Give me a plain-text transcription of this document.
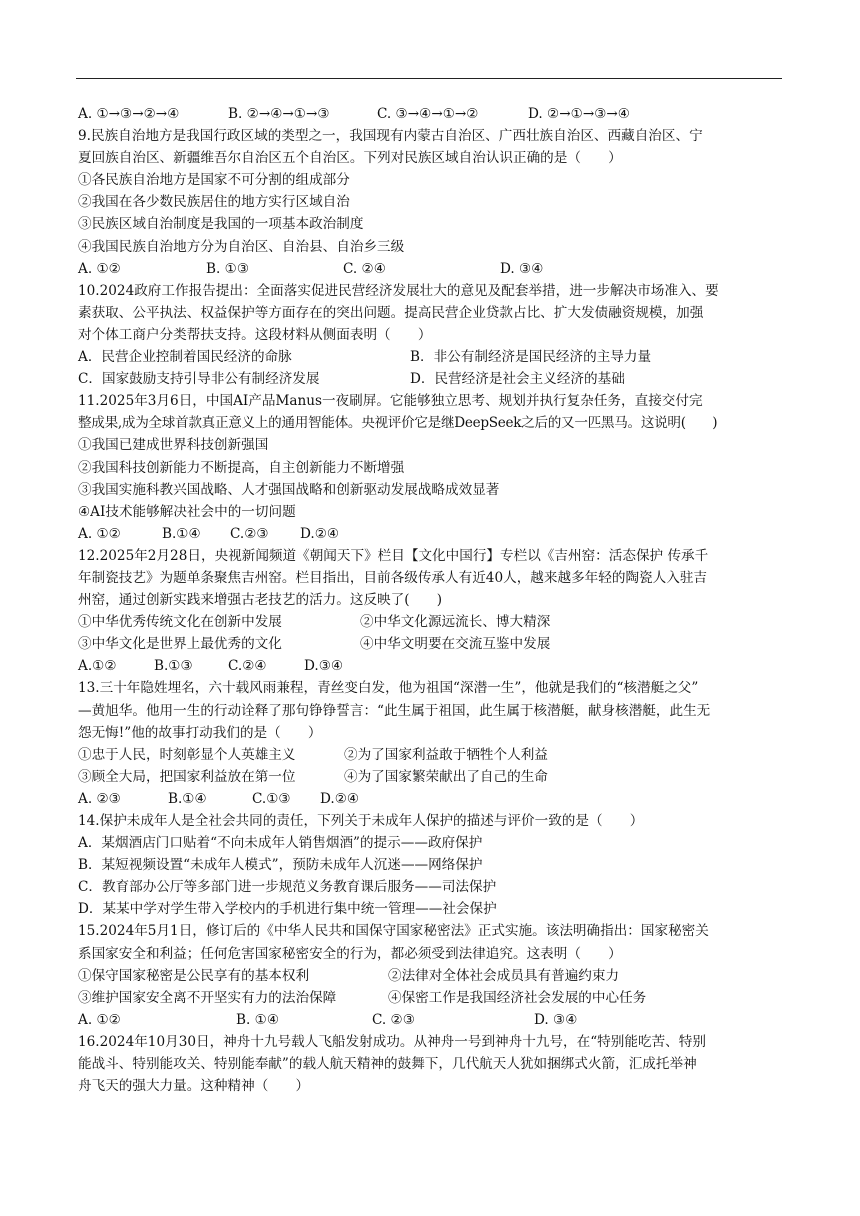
A. ①→③→②→④	B. ②→④→①→③	C. ③→④→①→②	D. ②→①→③→④
9.民族自治地方是我国行政区域的类型之一，我国现有内蒙古自治区、广西壮族自治区、西藏自治区、宁
夏回族自治区、新疆维吾尔自治区五个自治区。下列对民族区域自治认识正确的是（　　）
①各民族自治地方是国家不可分割的组成部分
②我国在各少数民族居住的地方实行区域自治
③民族区域自治制度是我国的一项基本政治制度
④我国民族自治地方分为自治区、自治县、自治乡三级
A. ①②	B. ①③	C. ②④	D. ③④
10.2024政府工作报告提出：全面落实促进民营经济发展壮大的意见及配套举措，进一步解决市场准入、要
素获取、公平执法、权益保护等方面存在的突出问题。提高民营企业贷款占比、扩大发债融资规模，加强
对个体工商户分类帮扶支持。这段材料从侧面表明（　　）
A．民营企业控制着国民经济的命脉	B．非公有制经济是国民经济的主导力量
C．国家鼓励支持引导非公有制经济发展	D．民营经济是社会主义经济的基础
11.2025年3月6日，中国AI产品Manus一夜刷屏。它能够独立思考、规划并执行复杂任务，直接交付完
整成果,成为全球首款真正意义上的通用智能体。央视评价它是继DeepSeek之后的又一匹黑马。这说明(　　)
①我国已建成世界科技创新强国
②我国科技创新能力不断提高，自主创新能力不断增强
③我国实施科教兴国战略、人才强国战略和创新驱动发展战略成效显著
④AI技术能够解决社会中的一切问题
A. ①②	B.①④ C.②③ D.②④
12.2025年2月28日，央视新闻频道《朝闻天下》栏目【文化中国行】专栏以《吉州窑：活态保护 传承千
年制瓷技艺》为题单条聚焦吉州窑。栏目指出，目前各级传承人有近40人，越来越多年轻的陶瓷人入驻吉
州窑，通过创新实践来增强古老技艺的活力。这反映了(　　)
①中华优秀传统文化在创新中发展	②中华文化源远流长、博大精深
③中华文化是世界上最优秀的文化	④中华文明要在交流互鉴中发展
A.①②	B.①③	C.②④	D.③④
13.三十年隐姓埋名，六十载风雨兼程，青丝变白发，他为祖国“深潜一生”，他就是我们的“核潜艇之父”
—黄旭华。他用一生的行动诠释了那句铮铮誓言：“此生属于祖国，此生属于核潜艇，献身核潜艇，此生无
怨无悔!”他的故事打动我们的是（　　）
①忠于人民，时刻彰显个人英雄主义	②为了国家利益敢于牺牲个人利益
③顾全大局，把国家利益放在第一位	④为了国家繁荣献出了自己的生命
A. ②③	B.①④	C.①③ D.②④
14.保护未成年人是全社会共同的责任，下列关于未成年人保护的描述与评价一致的是（　　）
A．某烟酒店门口贴着“不向未成年人销售烟酒”的提示——政府保护
B．某短视频设置“未成年人模式”，预防未成年人沉迷——网络保护
C．教育部办公厅等多部门进一步规范义务教育课后服务——司法保护
D．某某中学对学生带入学校内的手机进行集中统一管理——社会保护
15.2024年5月1日，修订后的《中华人民共和国保守国家秘密法》正式实施。该法明确指出：国家秘密关
系国家安全和利益；任何危害国家秘密安全的行为，都必须受到法律追究。这表明（　　）
①保守国家秘密是公民享有的基本权利	②法律对全体社会成员具有普遍约束力
③维护国家安全离不开坚实有力的法治保障	④保密工作是我国经济社会发展的中心任务
A. ①②	B. ①④	C. ②③	D. ③④
16.2024年10月30日，神舟十九号载人飞船发射成功。从神舟一号到神舟十九号，在“特别能吃苦、特别
能战斗、特别能攻关、特别能奉献”的载人航天精神的鼓舞下，几代航天人犹如捆绑式火箭，汇成托举神
舟飞天的强大力量。这种精神（　　）
